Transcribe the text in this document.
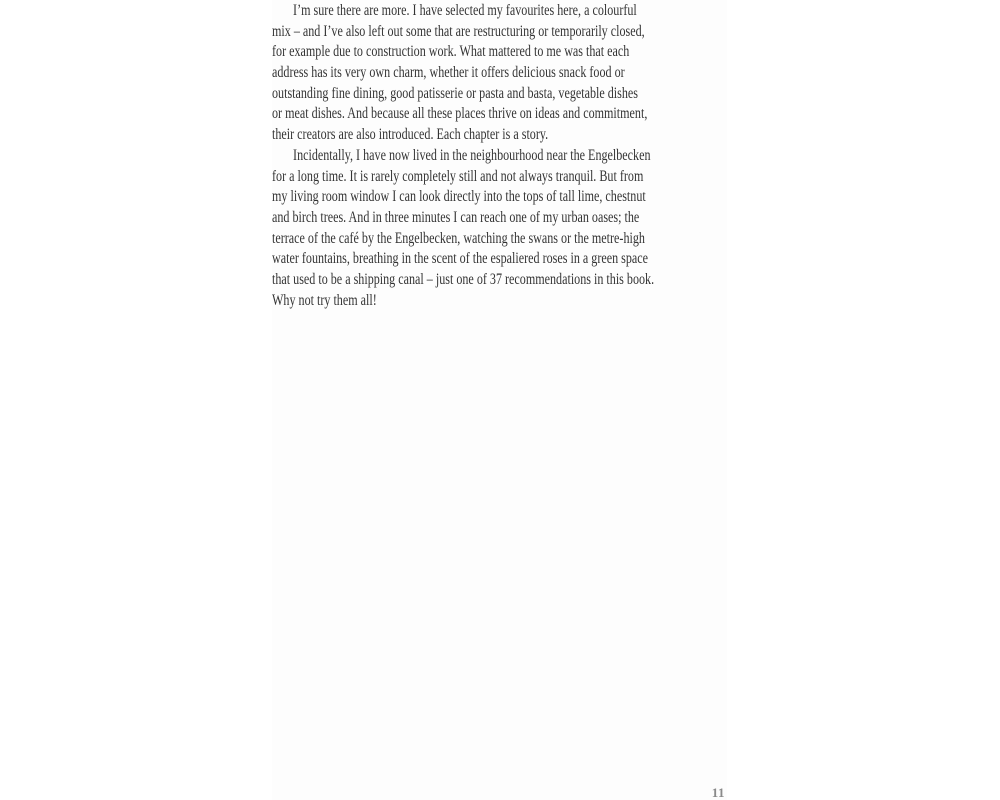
I’m sure there are more. I have selected my favourites here, a colourful
mix – and I’ve also left out some that are restructuring or temporarily closed,
for example due to construction work. What mattered to me was that each
address has its very own charm, whether it offers delicious snack food or
outstanding fine dining, good patisserie or pasta and basta, vegetable dishes
or meat dishes. And because all these places thrive on ideas and commitment,
their creators are also introduced. Each chapter is a story.
Incidentally, I have now lived in the neighbourhood near the Engelbecken
for a long time. It is rarely completely still and not always tranquil. But from
my living room window I can look directly into the tops of tall lime, chestnut
and birch trees. And in three minutes I can reach one of my urban oases; the
terrace of the café by the Engelbecken, watching the swans or the metre-high
water fountains, breathing in the scent of the espaliered roses in a green space
that used to be a shipping canal – just one of 37 recommendations in this book.
Why not try them all!
11
